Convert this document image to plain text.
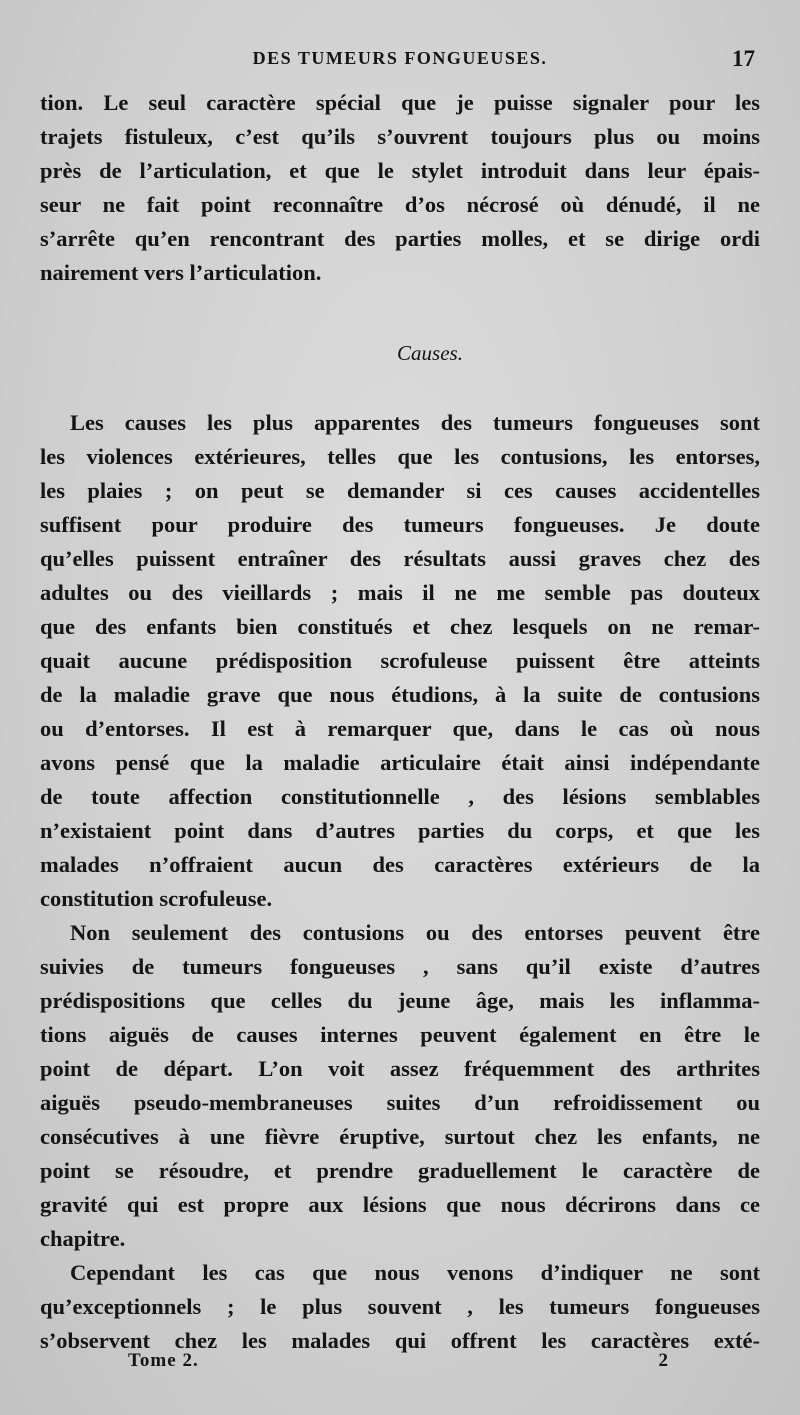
DES TUMEURS FONGUEUSES.	17
tion. Le seul caractère spécial que je puisse signaler pour les
trajets fistuleux, c’est qu’ils s’ouvrent toujours plus ou moins
près de l’articulation, et que le stylet introduit dans leur épais-
seur ne fait point reconnaître d’os nécrosé où dénudé, il ne
s’arrête qu’en rencontrant des parties molles, et se dirige ordi
nairement vers l’articulation.
Causes.
Les causes les plus apparentes des tumeurs fongueuses sont
les violences extérieures, telles que les contusions, les entorses,
les plaies ; on peut se demander si ces causes accidentelles
suffisent pour produire des tumeurs fongueuses. Je doute
qu’elles puissent entraîner des résultats aussi graves chez des
adultes ou des vieillards ; mais il ne me semble pas douteux
que des enfants bien constitués et chez lesquels on ne remar-
quait aucune prédisposition scrofuleuse puissent être atteints
de la maladie grave que nous étudions, à la suite de contusions
ou d’entorses. Il est à remarquer que, dans le cas où nous
avons pensé que la maladie articulaire était ainsi indépendante
de toute affection constitutionnelle , des lésions semblables
n’existaient point dans d’autres parties du corps, et que les
malades n’offraient aucun des caractères extérieurs de la
constitution scrofuleuse.
Non seulement des contusions ou des entorses peuvent être
suivies de tumeurs fongueuses , sans qu’il existe d’autres
prédispositions que celles du jeune âge, mais les inflamma-
tions aiguës de causes internes peuvent également en être le
point de départ. L’on voit assez fréquemment des arthrites
aiguës pseudo-membraneuses suites d’un refroidissement ou
consécutives à une fièvre éruptive, surtout chez les enfants, ne
point se résoudre, et prendre graduellement le caractère de
gravité qui est propre aux lésions que nous décrirons dans ce
chapitre.
Cependant les cas que nous venons d’indiquer ne sont
qu’exceptionnels ; le plus souvent , les tumeurs fongueuses
s’observent chez les malades qui offrent les caractères exté-
Tome 2.	2
